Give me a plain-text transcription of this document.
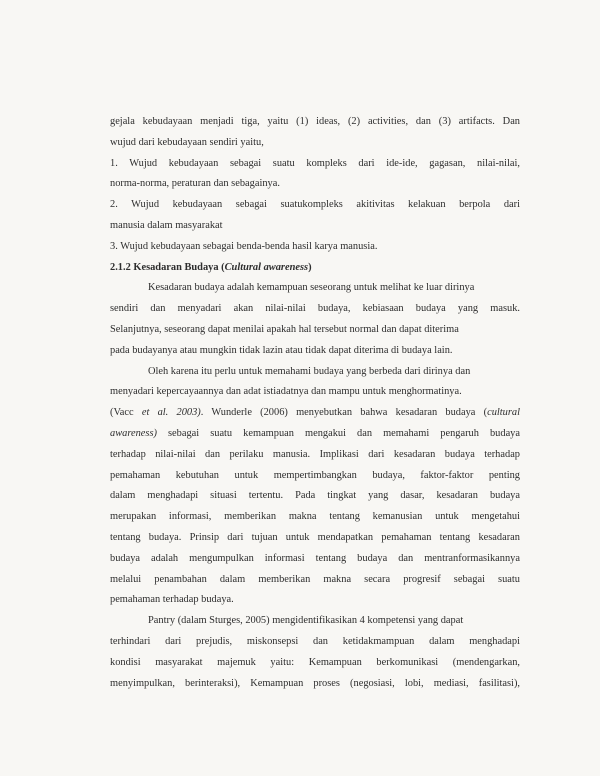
gejala kebudayaan menjadi tiga, yaitu (1) ideas, (2) activities, dan (3) artifacts. Dan
wujud dari kebudayaan sendiri yaitu,
1. Wujud kebudayaan sebagai suatu kompleks dari ide-ide, gagasan, nilai-nilai,
norma-norma, peraturan dan sebagainya.
2. Wujud kebudayaan sebagai suatukompleks akitivitas kelakuan berpola dari
manusia dalam masyarakat
3. Wujud kebudayaan sebagai benda-benda hasil karya manusia.
2.1.2 Kesadaran Budaya (Cultural awareness)
Kesadaran budaya adalah kemampuan seseorang untuk melihat ke luar dirinya
sendiri dan menyadari akan nilai-nilai budaya, kebiasaan budaya yang masuk.
Selanjutnya, seseorang dapat menilai apakah hal tersebut normal dan dapat diterima
pada budayanya atau mungkin tidak lazin atau tidak dapat diterima di budaya lain.
Oleh karena itu perlu untuk memahami budaya yang berbeda dari dirinya dan
menyadari kepercayaannya dan adat istiadatnya dan mampu untuk menghormatinya.
(Vacc et al. 2003). Wunderle (2006) menyebutkan bahwa kesadaran budaya (cultural
awareness) sebagai suatu kemampuan mengakui dan memahami pengaruh budaya
terhadap nilai-nilai dan perilaku manusia. Implikasi dari kesadaran budaya terhadap
pemahaman kebutuhan untuk mempertimbangkan budaya, faktor-faktor penting
dalam menghadapi situasi tertentu. Pada tingkat yang dasar, kesadaran budaya
merupakan informasi, memberikan makna tentang kemanusian untuk mengetahui
tentang budaya. Prinsip dari tujuan untuk mendapatkan pemahaman tentang kesadaran
budaya adalah mengumpulkan informasi tentang budaya dan mentranformasikannya
melalui penambahan dalam memberikan makna secara progresif sebagai suatu
pemahaman terhadap budaya.
Pantry (dalam Sturges, 2005) mengidentifikasikan 4 kompetensi yang dapat
terhindari dari prejudis, miskonsepsi dan ketidakmampuan dalam menghadapi
kondisi masyarakat majemuk yaitu: Kemampuan berkomunikasi (mendengarkan,
menyimpulkan, berinteraksi), Kemampuan proses (negosiasi, lobi, mediasi, fasilitasi),
